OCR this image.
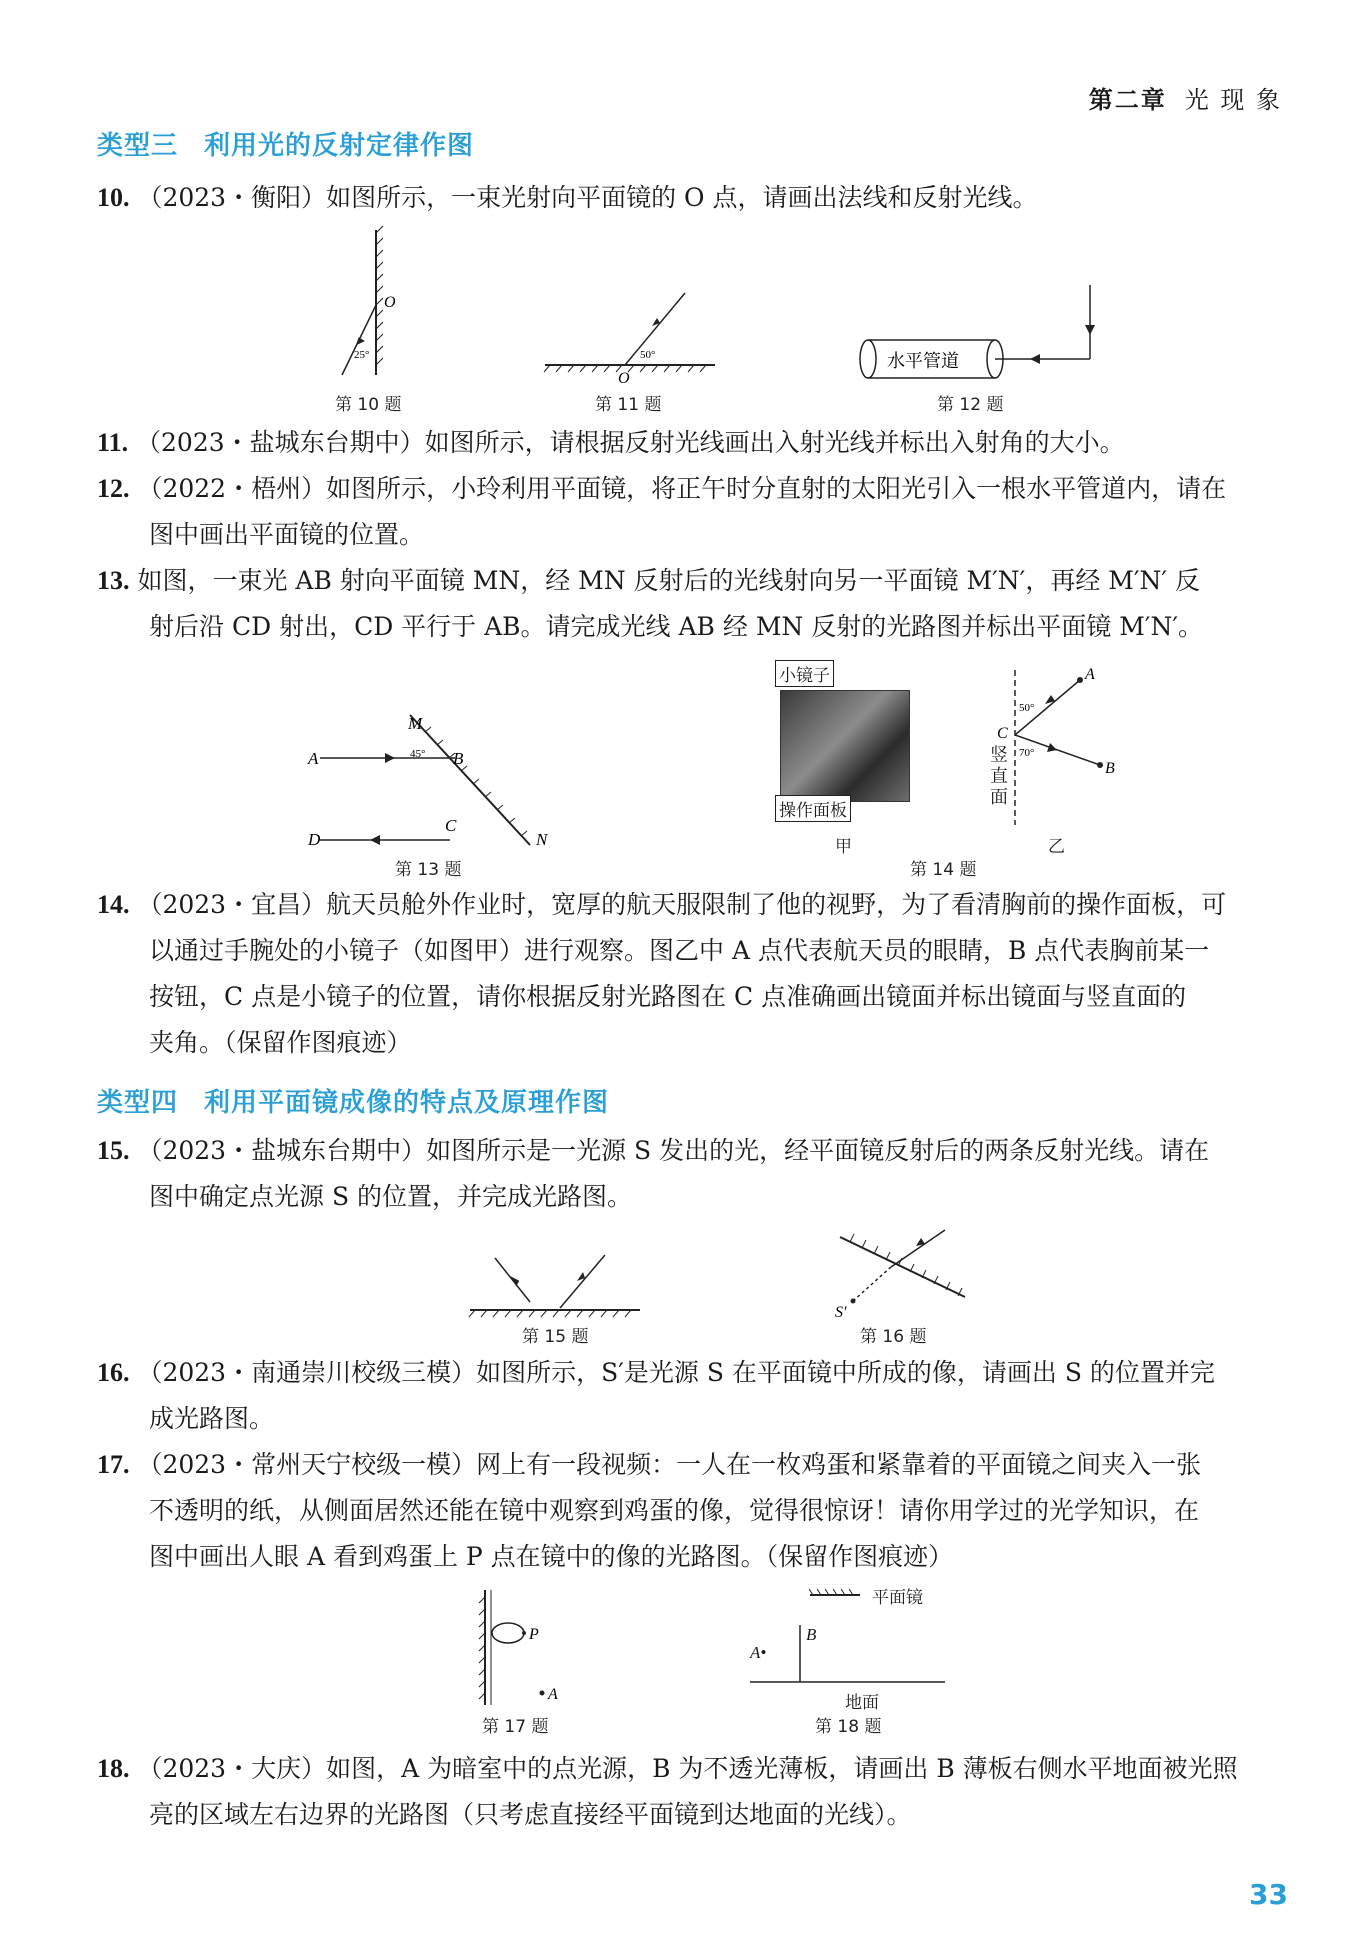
第二章 光 现 象
类型三 利用光的反射定律作图
10. （2023・衡阳）如图所示，一束光射向平面镜的 O 点，请画出法线和反射光线。
O
25°
第 10 题
50°
O
第 11 题
水平管道
第 12 题
11. （2023・盐城东台期中）如图所示，请根据反射光线画出入射光线并标出入射角的大小。
12. （2022・梧州）如图所示，小玲利用平面镜，将正午时分直射的太阳光引入一根水平管道内，请在
图中画出平面镜的位置。
13. 如图，一束光 AB 射向平面镜 MN，经 MN 反射后的光线射向另一平面镜 M′N′，再经 M′N′ 反
射后沿 CD 射出，CD 平行于 AB。请完成光线 AB 经 MN 反射的光路图并标出平面镜 M′N′。
A	B
M
N
D
C
45°
第 13 题
小镜子
操作面板
甲
A
B
C
50°
70°
竖直面
乙
第 14 题
14. （2023・宜昌）航天员舱外作业时，宽厚的航天服限制了他的视野，为了看清胸前的操作面板，可
以通过手腕处的小镜子（如图甲）进行观察。图乙中 A 点代表航天员的眼睛，B 点代表胸前某一
按钮，C 点是小镜子的位置，请你根据反射光路图在 C 点准确画出镜面并标出镜面与竖直面的
夹角。（保留作图痕迹）
类型四 利用平面镜成像的特点及原理作图
15. （2023・盐城东台期中）如图所示是一光源 S 发出的光，经平面镜反射后的两条反射光线。请在
图中确定点光源 S 的位置，并完成光路图。
第 15 题
S′
第 16 题
16. （2023・南通崇川校级三模）如图所示，S′是光源 S 在平面镜中所成的像，请画出 S 的位置并完
成光路图。
17. （2023・常州天宁校级一模）网上有一段视频：一人在一枚鸡蛋和紧靠着的平面镜之间夹入一张
不透明的纸，从侧面居然还能在镜中观察到鸡蛋的像，觉得很惊讶！请你用学过的光学知识，在
图中画出人眼 A 看到鸡蛋上 P 点在镜中的像的光路图。（保留作图痕迹）
P
A
第 17 题
平面镜
A•
B
地面
第 18 题
18. （2023・大庆）如图，A 为暗室中的点光源，B 为不透光薄板，请画出 B 薄板右侧水平地面被光照
亮的区域左右边界的光路图（只考虑直接经平面镜到达地面的光线）。
33
